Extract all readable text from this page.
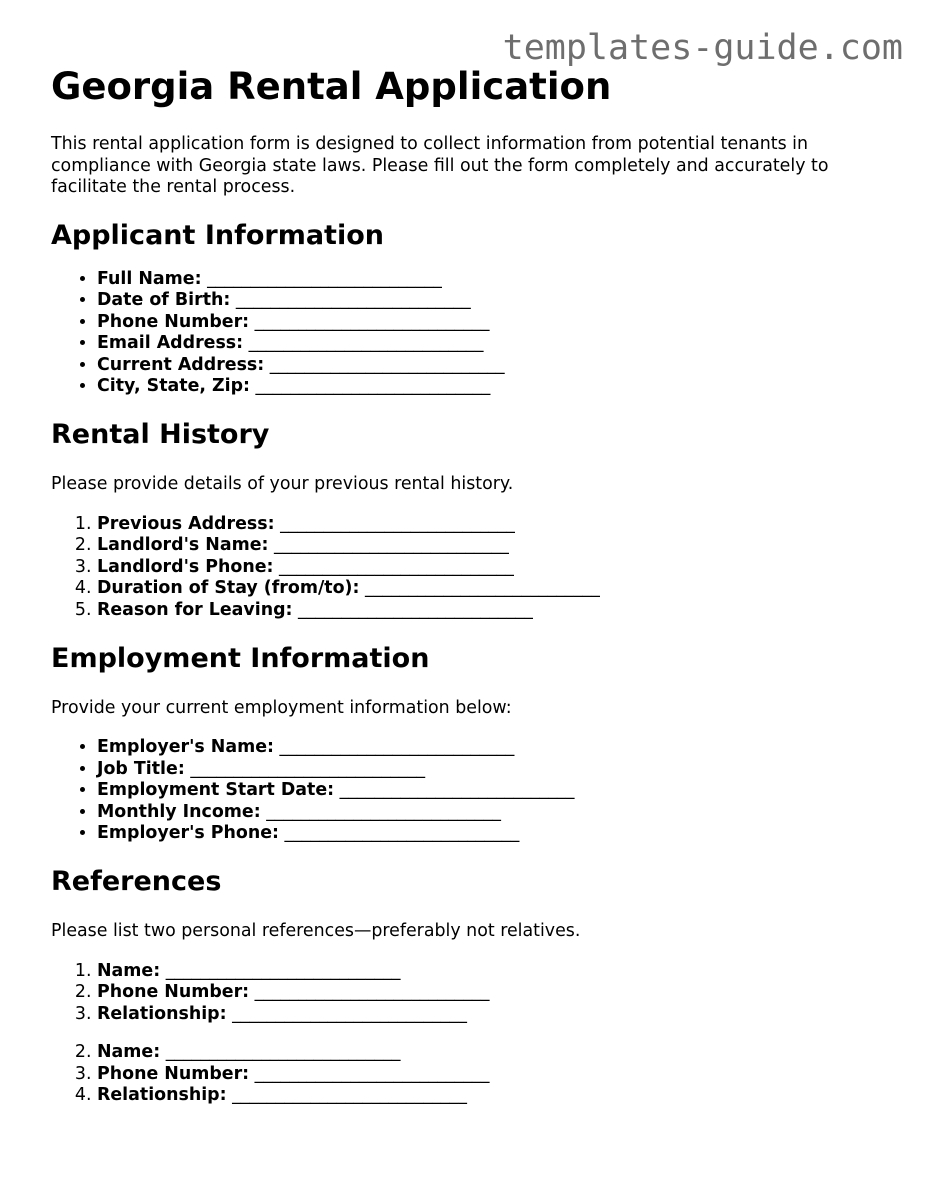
templates-guide.com
Georgia Rental Application

This rental application form is designed to collect information from potential tenants in compliance with Georgia state laws. Please fill out the form completely and accurately to facilitate the rental process.

Applicant Information
• Full Name: ___________________________
• Date of Birth: ___________________________
• Phone Number: ___________________________
• Email Address: ___________________________
• Current Address: ___________________________
• City, State, Zip: ___________________________
Rental History

Please provide details of your previous rental history.

1. Previous Address: ___________________________
2. Landlord's Name: ___________________________
3. Landlord's Phone: ___________________________
4. Duration of Stay (from/to): ___________________________
5. Reason for Leaving: ___________________________
Employment Information

Provide your current employment information below:

• Employer's Name: ___________________________
• Job Title: ___________________________
• Employment Start Date: ___________________________
• Monthly Income: ___________________________
• Employer's Phone: ___________________________
References

Please list two personal references—preferably not relatives.

1. Name: ___________________________
2. Phone Number: ___________________________
3. Relationship: ___________________________
2. Name: ___________________________
3. Phone Number: ___________________________
4. Relationship: ___________________________
